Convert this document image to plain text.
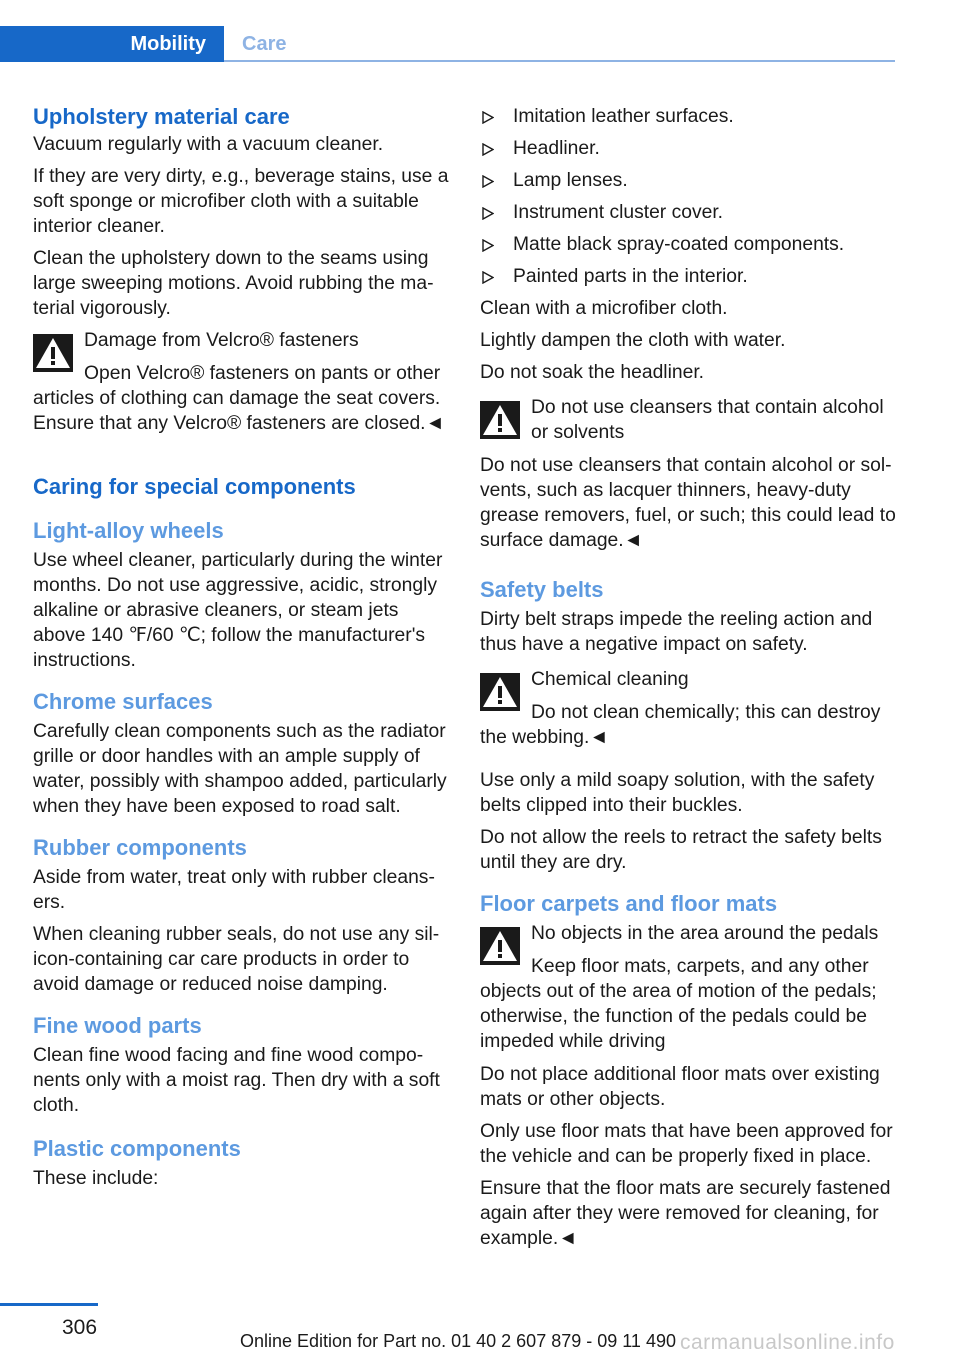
Mobility	Care
Upholstery material care

Vacuum regularly with a vacuum cleaner.

If they are very dirty, e.g., beverage stains, use a soft sponge or microfiber cloth with a suitable interior cleaner.

Clean the upholstery down to the seams using large sweeping motions. Avoid rubbing the material vigorously.

Damage from Velcro® fasteners

Open Velcro® fasteners on pants or other articles of clothing can damage the seat covers. Ensure that any Velcro® fasteners are closed.◄

Caring for special components
Light-alloy wheels

Use wheel cleaner, particularly during the winter months. Do not use aggressive, acidic, strongly alkaline or abrasive cleaners, or steam jets above 140 ℉/60 ℃; follow the manufacturer's instructions.

Chrome surfaces

Carefully clean components such as the radiator grille or door handles with an ample supply of water, possibly with shampoo added, particularly when they have been exposed to road salt.

Rubber components

Aside from water, treat only with rubber cleansers.

When cleaning rubber seals, do not use any silicon-containing car care products in order to avoid damage or reduced noise damping.

Fine wood parts

Clean fine wood facing and fine wood components only with a moist rag. Then dry with a soft cloth.

Plastic components

These include:

Imitation leather surfaces.
Headliner.
Lamp lenses.
Instrument cluster cover.
Matte black spray-coated components.
Painted parts in the interior.

Clean with a microfiber cloth.

Lightly dampen the cloth with water.

Do not soak the headliner.

Do not use cleansers that contain alcohol or solvents

Do not use cleansers that contain alcohol or solvents, such as lacquer thinners, heavy-duty grease removers, fuel, or such; this could lead to surface damage.◄

Safety belts

Dirty belt straps impede the reeling action and thus have a negative impact on safety.

Chemical cleaning

Do not clean chemically; this can destroy the webbing.◄

Use only a mild soapy solution, with the safety belts clipped into their buckles.

Do not allow the reels to retract the safety belts until they are dry.

Floor carpets and floor mats

No objects in the area around the pedals

Keep floor mats, carpets, and any other objects out of the area of motion of the pedals; otherwise, the function of the pedals could be impeded while driving

Do not place additional floor mats over existing mats or other objects.

Only use floor mats that have been approved for the vehicle and can be properly fixed in place.

Ensure that the floor mats are securely fastened again after they were removed for cleaning, for example.◄

306
Online Edition for Part no. 01 40 2 607 879 - 09 11 490 carmanualsonline.info
